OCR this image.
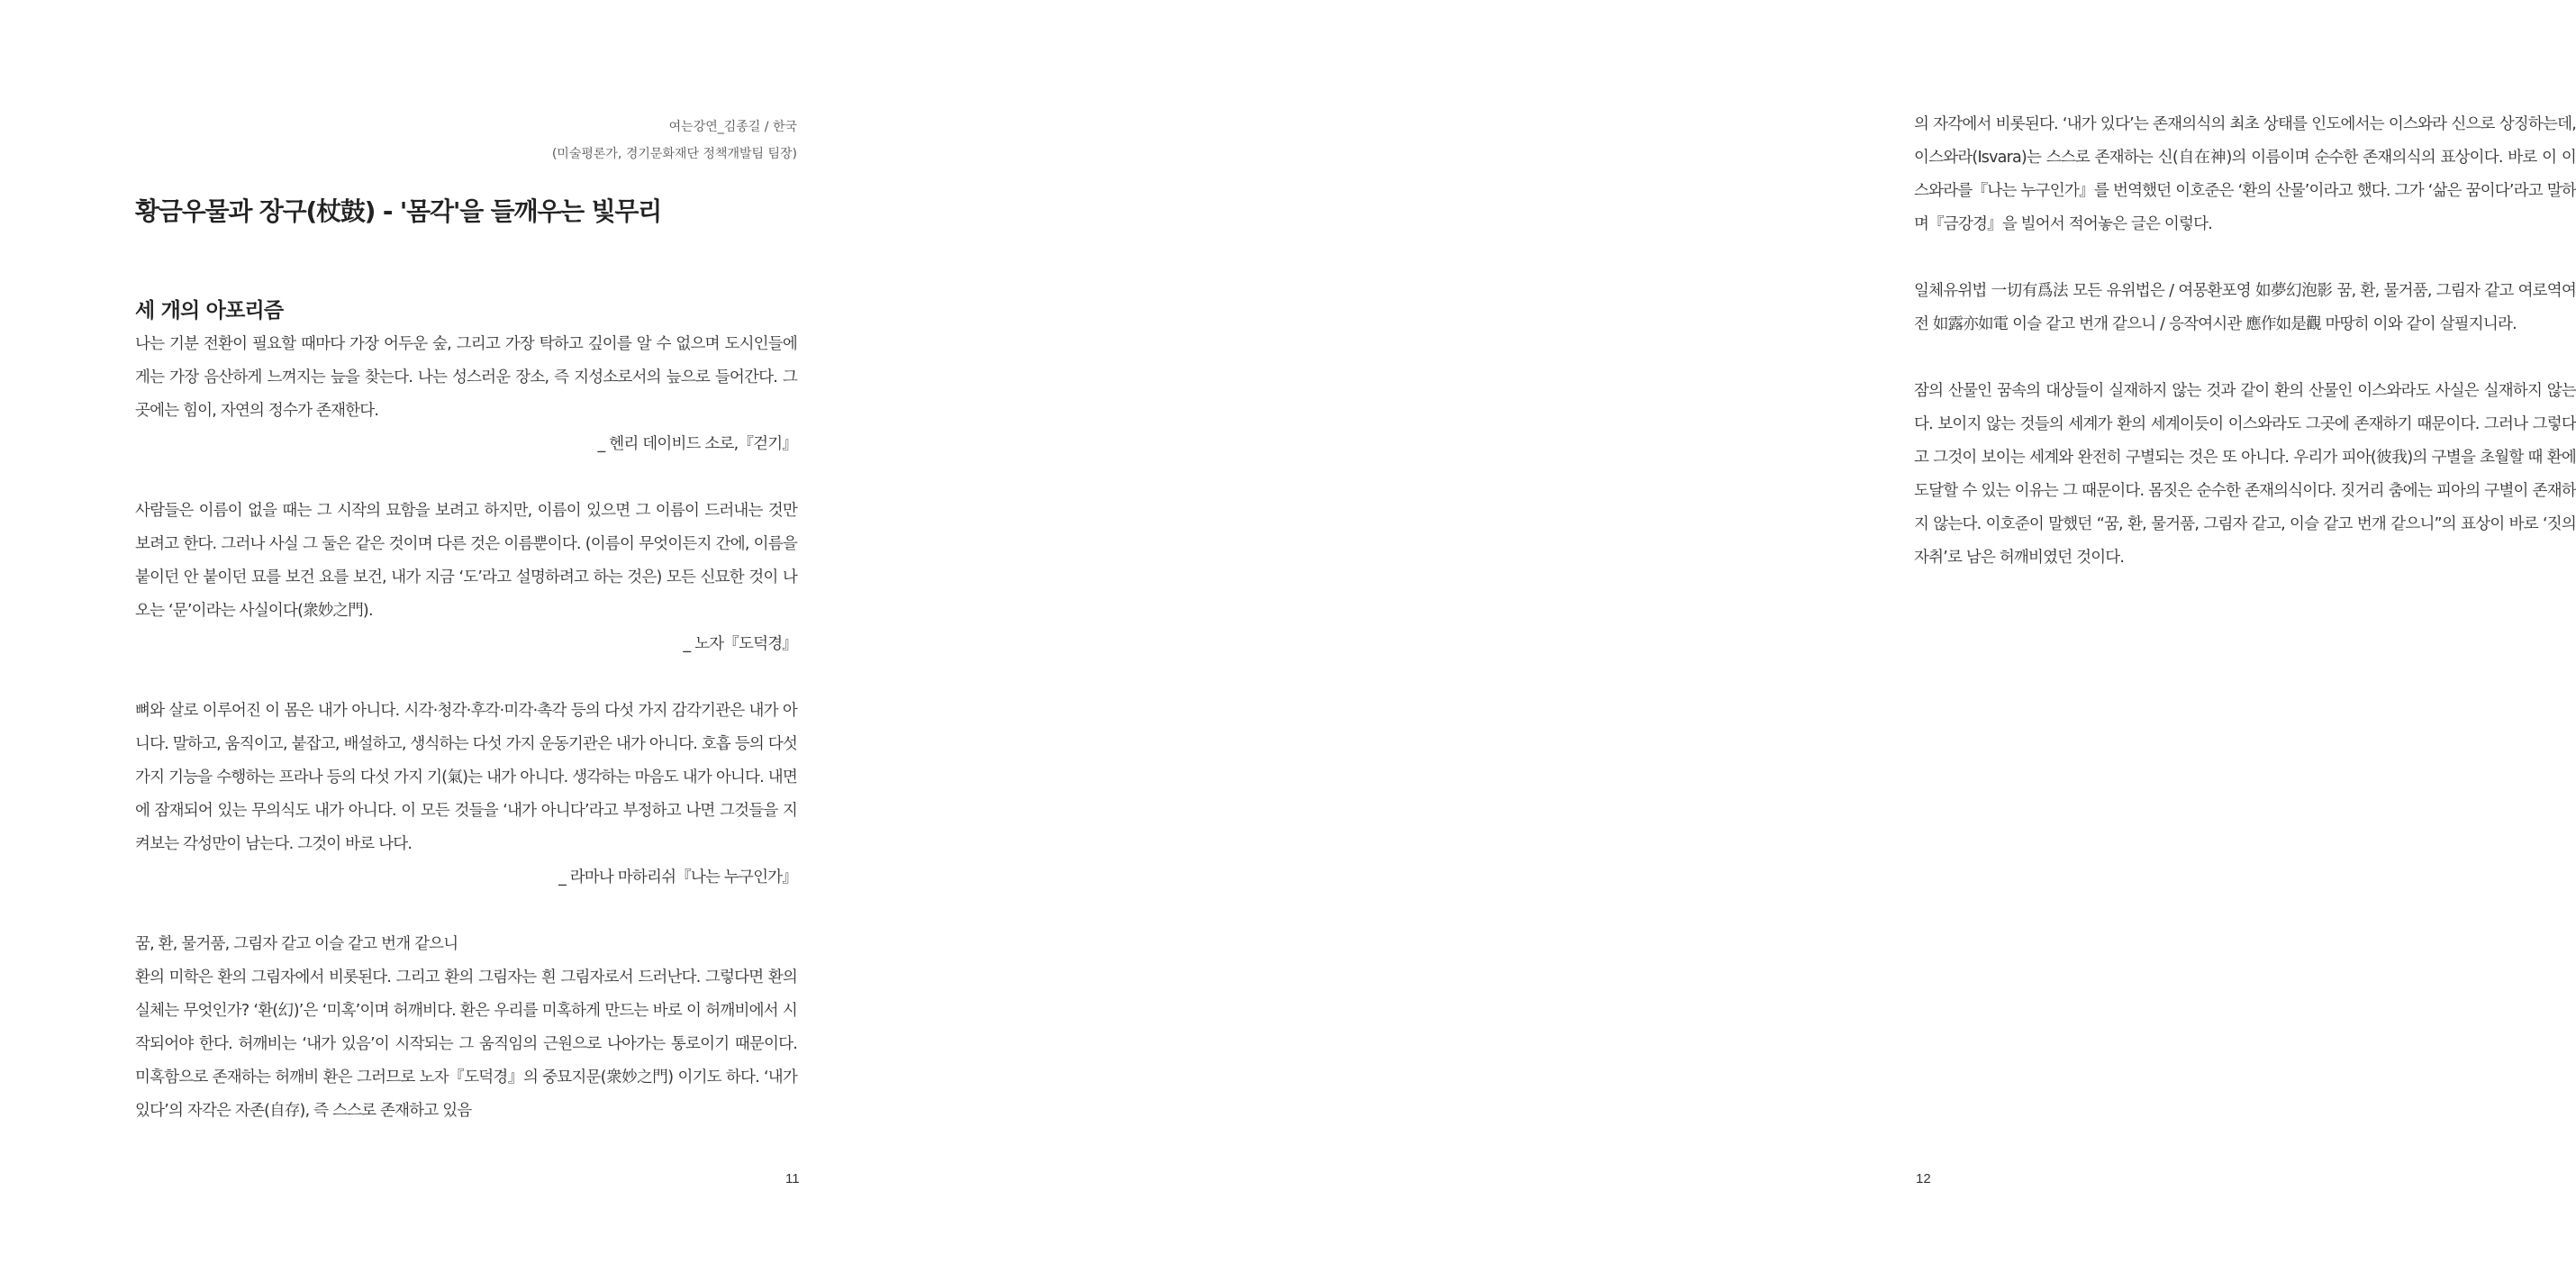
여는강연_김종길 / 한국
(미술평론가, 경기문화재단 정책개발팀 팀장)
황금우물과 장구(杖鼓) - '몸각'을 들깨우는 빛무리
세 개의 아포리즘

나는 기분 전환이 필요할 때마다 가장 어두운 숲, 그리고 가장 탁하고 깊이를 알 수 없으며 도시인들에게는 가장 음산하게 느껴지는 늪을 찾는다. 나는 성스러운 장소, 즉 지성소로서의 늪으로 들어간다. 그곳에는 힘이, 자연의 정수가 존재한다.

_ 헨리 데이비드 소로,『걷기』

사람들은 이름이 없을 때는 그 시작의 묘함을 보려고 하지만, 이름이 있으면 그 이름이 드러내는 것만 보려고 한다. 그러나 사실 그 둘은 같은 것이며 다른 것은 이름뿐이다. (이름이 무엇이든지 간에, 이름을 붙이던 안 붙이던 묘를 보건 요를 보건, 내가 지금 ‘도’라고 설명하려고 하는 것은) 모든 신묘한 것이 나오는 ‘문’이라는 사실이다(衆妙之門).

_ 노자『도덕경』

뼈와 살로 이루어진 이 몸은 내가 아니다. 시각·청각·후각·미각·촉각 등의 다섯 가지 감각기관은 내가 아니다. 말하고, 움직이고, 붙잡고, 배설하고, 생식하는 다섯 가지 운동기관은 내가 아니다. 호흡 등의 다섯 가지 기능을 수행하는 프라나 등의 다섯 가지 기(氣)는 내가 아니다. 생각하는 마음도 내가 아니다. 내면에 잠재되어 있는 무의식도 내가 아니다. 이 모든 것들을 ‘내가 아니다’라고 부정하고 나면 그것들을 지켜보는 각성만이 남는다. 그것이 바로 나다.

_ 라마나 마하리쉬『나는 누구인가』

꿈, 환, 물거품, 그림자 같고 이슬 같고 번개 같으니

환의 미학은 환의 그림자에서 비롯된다. 그리고 환의 그림자는 흰 그림자로서 드러난다. 그렇다면 환의 실체는 무엇인가? ‘환(幻)’은 ‘미혹’이며 허깨비다. 환은 우리를 미혹하게 만드는 바로 이 허깨비에서 시작되어야 한다. 허깨비는 ‘내가 있음’이 시작되는 그 움직임의 근원으로 나아가는 통로이기 때문이다. 미혹함으로 존재하는 허깨비 환은 그러므로 노자『도덕경』의 중묘지문(衆妙之門) 이기도 하다. ‘내가 있다’의 자각은 자존(自存), 즉 스스로 존재하고 있음

11

의 자각에서 비롯된다. ‘내가 있다’는 존재의식의 최초 상태를 인도에서는 이스와라 신으로 상징하는데, 이스와라(Isvara)는 스스로 존재하는 신(自在神)의 이름이며 순수한 존재의식의 표상이다. 바로 이 이스와라를『나는 누구인가』를 번역했던 이호준은 ‘환의 산물’이라고 했다. 그가 ‘삶은 꿈이다’라고 말하며『금강경』을 빌어서 적어놓은 글은 이렇다.

일체유위법 一切有爲法 모든 유위법은 / 여몽환포영 如夢幻泡影 꿈, 환, 물거품, 그림자 같고 여로역여전 如露亦如電 이슬 같고 번개 같으니 / 응작여시관 應作如是觀 마땅히 이와 같이 살필지니라.

잠의 산물인 꿈속의 대상들이 실재하지 않는 것과 같이 환의 산물인 이스와라도 사실은 실재하지 않는다. 보이지 않는 것들의 세계가 환의 세계이듯이 이스와라도 그곳에 존재하기 때문이다. 그러나 그렇다고 그것이 보이는 세계와 완전히 구별되는 것은 또 아니다. 우리가 피아(彼我)의 구별을 초월할 때 환에 도달할 수 있는 이유는 그 때문이다. 몸짓은 순수한 존재의식이다. 짓거리 춤에는 피아의 구별이 존재하지 않는다. 이호준이 말했던 “꿈, 환, 물거품, 그림자 같고, 이슬 같고 번개 같으니”의 표상이 바로 ‘짓의 자취’로 남은 허깨비였던 것이다.

12
